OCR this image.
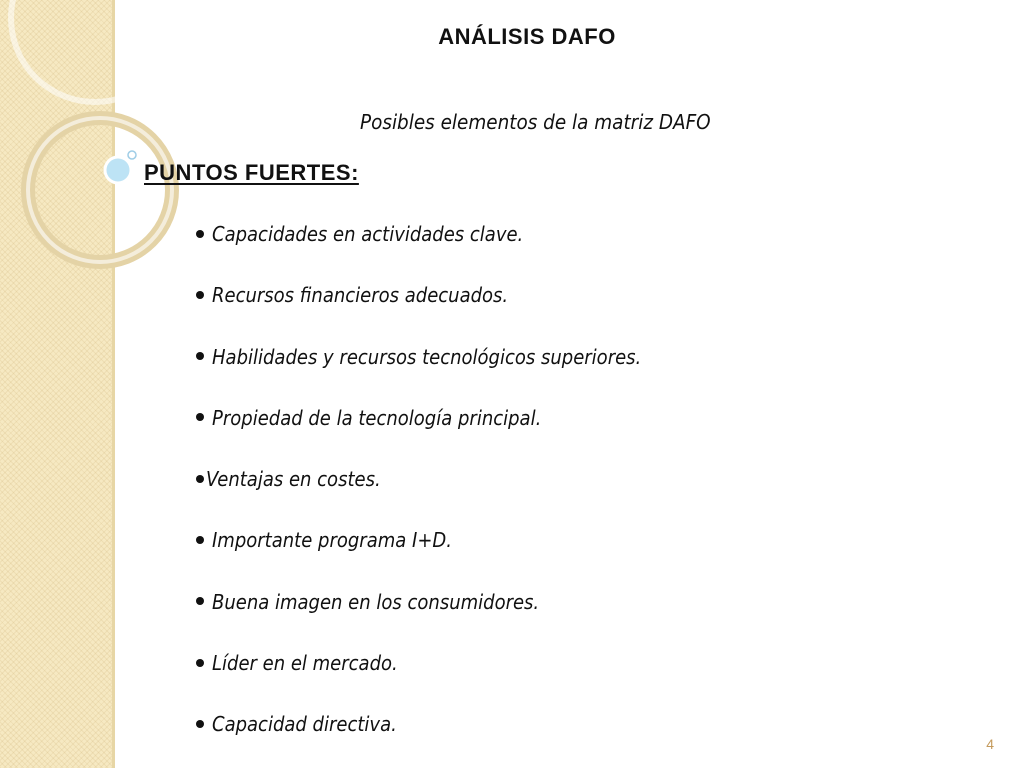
ANÁLISIS DAFO
Posibles elementos de la matriz DAFO
PUNTOS FUERTES:
Capacidades en actividades clave.
Recursos financieros adecuados.
Habilidades y recursos tecnológicos superiores.
Propiedad de la tecnología principal.
Ventajas en costes.
Importante programa I+D.
Buena imagen en los consumidores.
Líder en el mercado.
Capacidad directiva.
4
